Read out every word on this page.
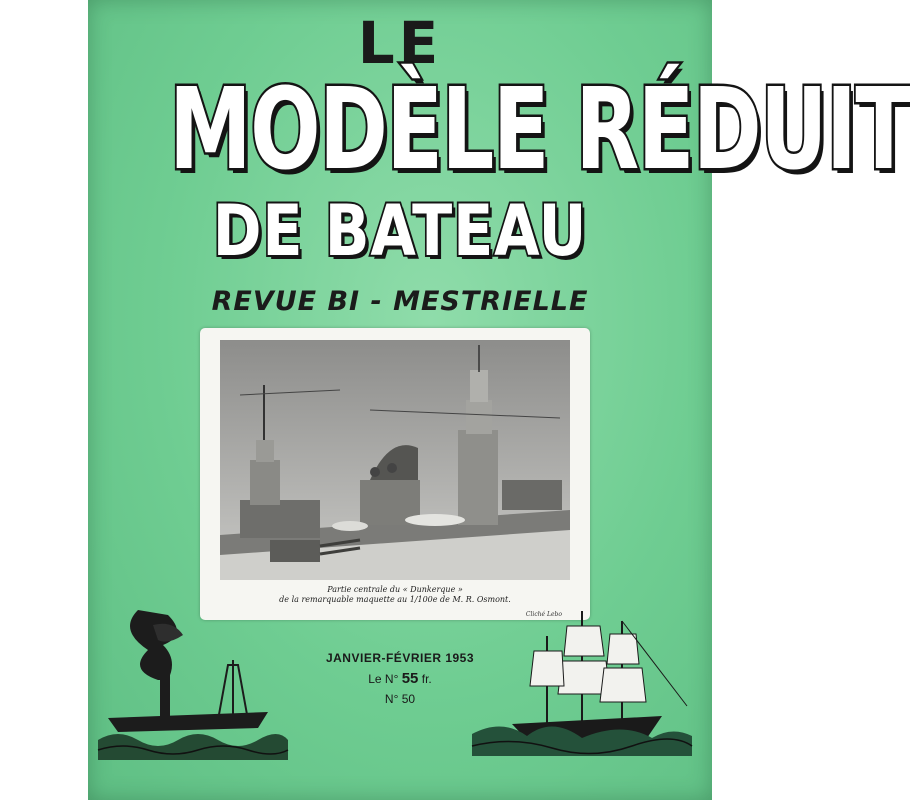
LE
MODÈLE RÉDUIT
DE BATEAU
REVUE BI - MESTRIELLE
Partie centrale du « Dunkerque »
de la remarquable maquette au 1/100e de M. R. Osmont.
Cliché Lebo
JANVIER-FÉVRIER 1953
Le N° 55 fr.
N° 50
